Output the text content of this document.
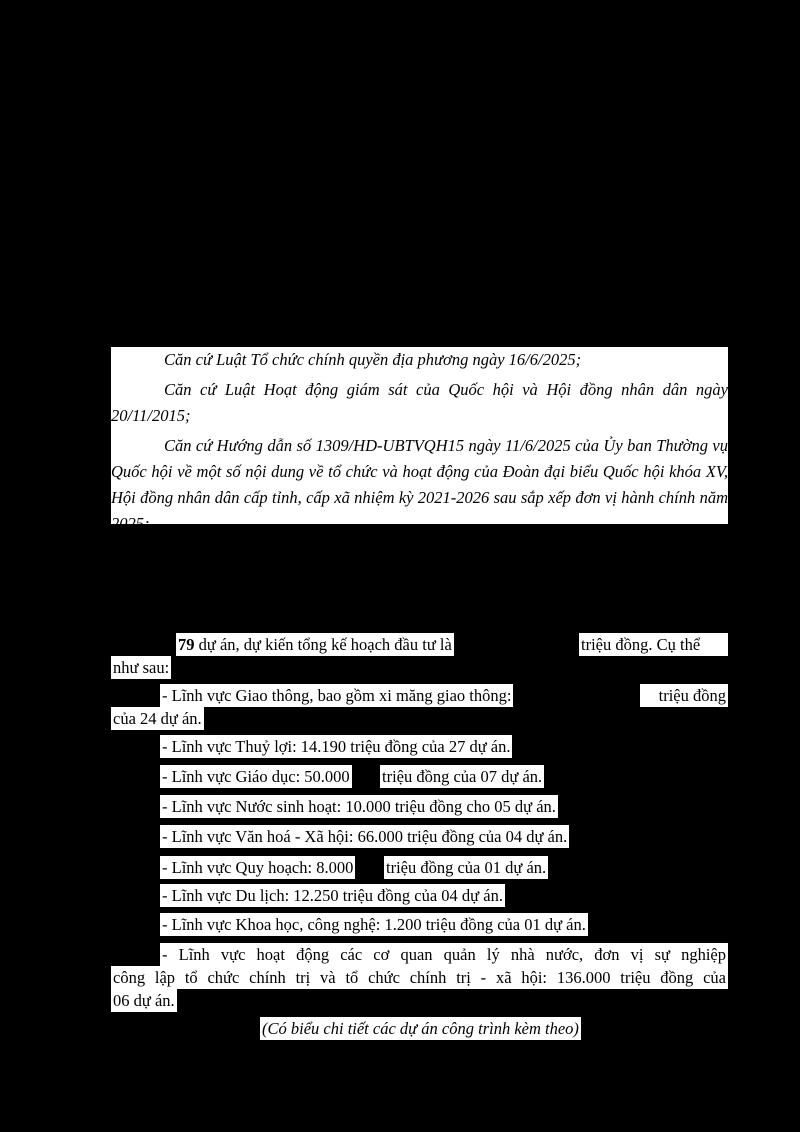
Căn cứ Luật Tổ chức chính quyền địa phương ngày 16/6/2025;

Căn cứ Luật Hoạt động giám sát của Quốc hội và Hội đồng nhân dân ngày 20/11/2015;

Căn cứ Hướng dẫn số 1309/HD-UBTVQH15 ngày 11/6/2025 của Ủy ban Thường vụ Quốc hội về một số nội dung về tổ chức và hoạt động của Đoàn đại biểu Quốc hội khóa XV, Hội đồng nhân dân cấp tỉnh, cấp xã nhiệm kỳ 2021-2026 sau sắp xếp đơn vị hành chính năm 2025;

79 dự án, dự kiến tổng kế hoạch đầu tư là	triệu đồng. Cụ thể
như sau:
- Lĩnh vực Giao thông, bao gồm xi măng giao thông:	triệu đồng
của 24 dự án.
- Lĩnh vực Thuỷ lợi: 14.190 triệu đồng của 27 dự án.
- Lĩnh vực Giáo dục: 50.000 triệu đồng của 07 dự án.
- Lĩnh vực Nước sinh hoạt: 10.000 triệu đồng cho 05 dự án.
- Lĩnh vực Văn hoá - Xã hội: 66.000 triệu đồng của 04 dự án.
- Lĩnh vực Quy hoạch: 8.000 triệu đồng của 01 dự án.
- Lĩnh vực Du lịch: 12.250 triệu đồng của 04 dự án.
- Lĩnh vực Khoa học, công nghệ: 1.200 triệu đồng của 01 dự án.
- Lĩnh vực hoạt động các cơ quan quản lý nhà nước, đơn vị sự nghiệp
công lập tổ chức chính trị và tổ chức chính trị - xã hội: 136.000 triệu đồng của
06 dự án.
(Có biểu chi tiết các dự án công trình kèm theo)
